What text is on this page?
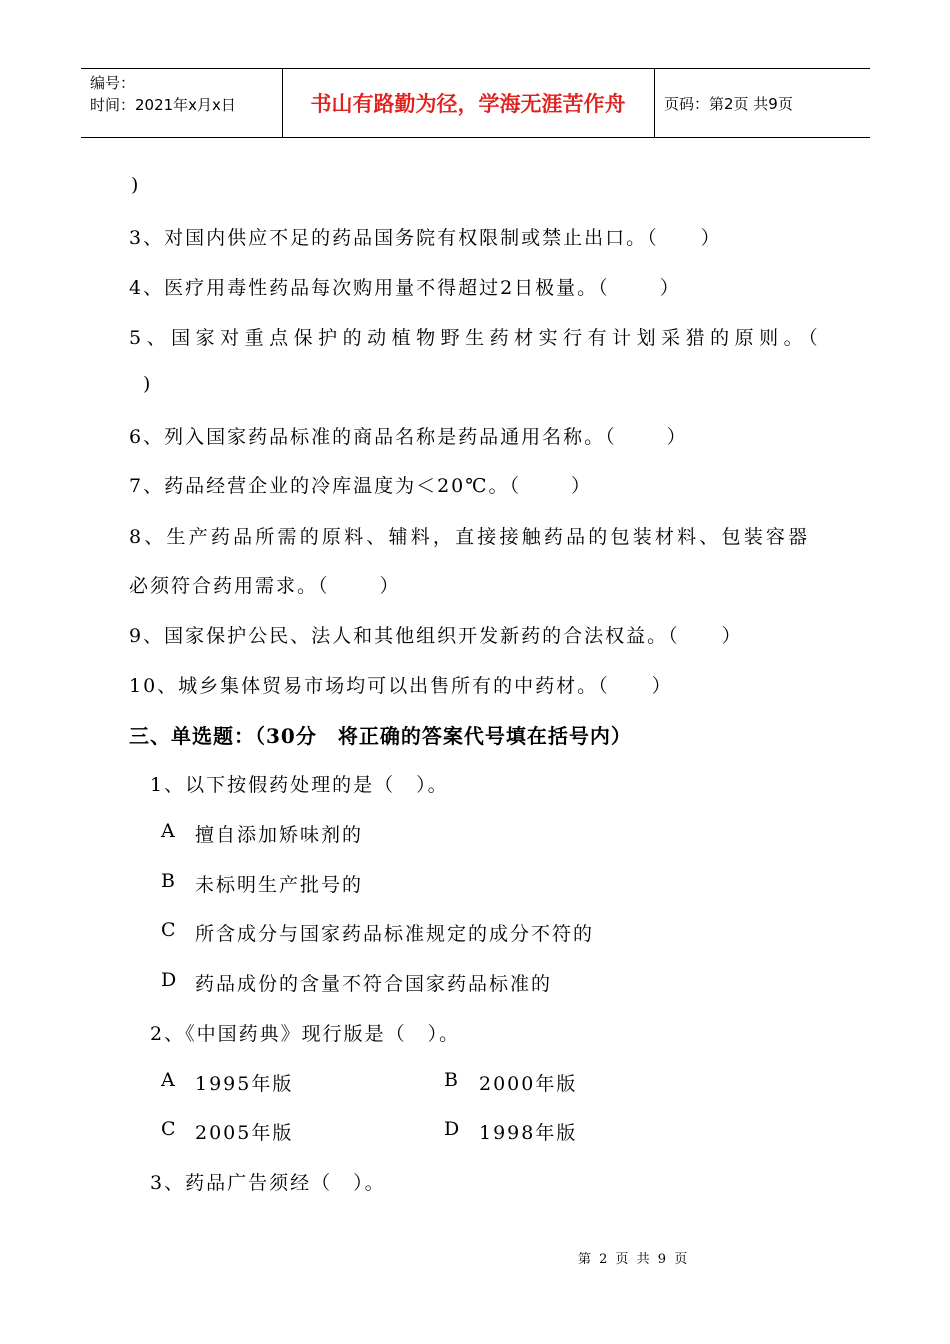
编号：
时间：2021年x月x日	书山有路勤为径，学海无涯苦作舟	页码：第2页 共9页
)
3、对国内供应不足的药品国务院有权限制或禁止出口。（　　）
4、医疗用毒性药品每次购用量不得超过2日极量。（　　 ）
5、国家对重点保护的动植物野生药材实行有计划采猎的原则。（
)
6、列入国家药品标准的商品名称是药品通用名称。（　　 ）
7、药品经营企业的冷库温度为＜20℃。（　　 ）
8、生产药品所需的原料、辅料，直接接触药品的包装材料、包装容器
必须符合药用需求。（　　 ）
9、国家保护公民、法人和其他组织开发新药的合法权益。（　　）
10、城乡集体贸易市场均可以出售所有的中药材。（　　）
三、单选题：（30分　将正确的答案代号填在括号内）
1、以下按假药处理的是（　）。
A 擅自添加矫味剂的
B 未标明生产批号的
C 所含成分与国家药品标准规定的成分不符的
D 药品成份的含量不符合国家药品标准的
2、《中国药典》现行版是（　）。
A 1995年版	B 2000年版
C 2005年版	D 1998年版
3、药品广告须经（　）。
第 2 页 共 9 页
